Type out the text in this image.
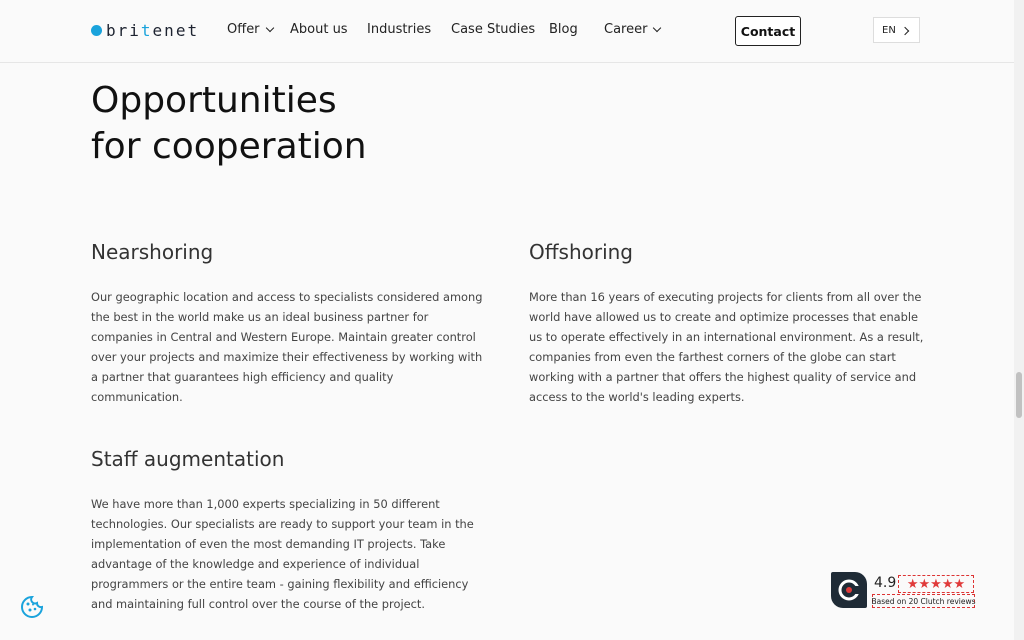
britenet Offer About us Industries Case Studies Blog Career	Contact	EN
Opportunities
for cooperation
Nearshoring

Our geographic location and access to specialists considered among the best in the world make us an ideal business partner for companies in Central and Western Europe. Maintain greater control over your projects and maximize their effectiveness by working with a partner that guarantees high efficiency and quality communication.

Offshoring

More than 16 years of executing projects for clients from all over the world have allowed us to create and optimize processes that enable us to operate effectively in an international environment. As a result, companies from even the farthest corners of the globe can start working with a partner that offers the highest quality of service and access to the world's leading experts.

Staff augmentation

We have more than 1,000 experts specializing in 50 different technologies. Our specialists are ready to support your team in the implementation of even the most demanding IT projects. Take advantage of the knowledge and experience of individual programmers or the entire team - gaining flexibility and efficiency and maintaining full control over the course of the project.

4.9 ★★★★★
Based on 20 Clutch reviews
